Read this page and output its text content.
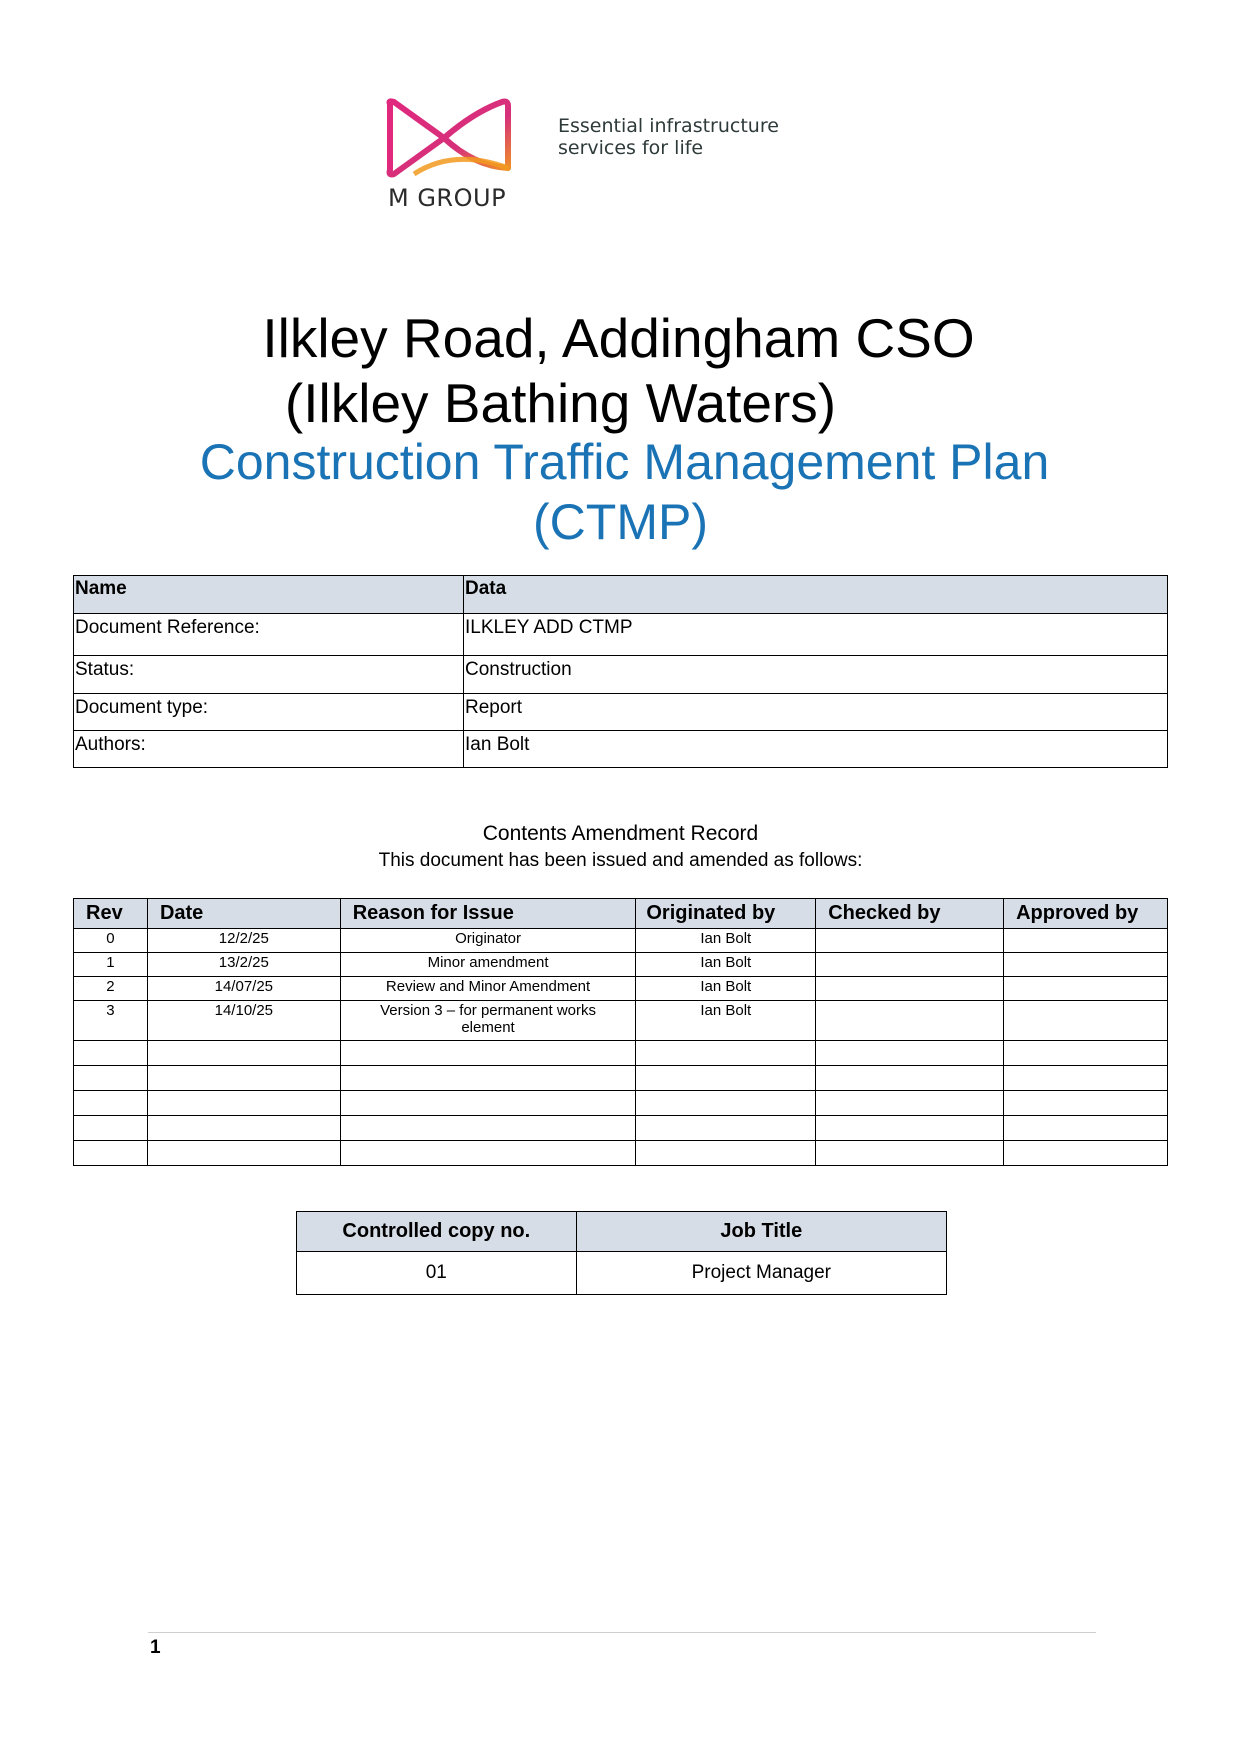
M GROUP
Essential infrastructure
services for life
Ilkley Road, Addingham CSO
(Ilkley Bathing Waters)
Construction Traffic Management Plan
(CTMP)
Name	Data
Document Reference:	ILKLEY ADD CTMP
Status:	Construction
Document type:	Report
Authors:	Ian Bolt
Contents Amendment Record
This document has been issued and amended as follows:
Rev	Date	Reason for Issue	Originated by	Checked by	Approved by
0	12/2/25	Originator	Ian Bolt		
1	13/2/25	Minor amendment	Ian Bolt		
2	14/07/25	Review and Minor Amendment	Ian Bolt		
3	14/10/25	Version 3 – for permanent works element	Ian Bolt		

Controlled copy no.	Job Title
01	Project Manager
1
